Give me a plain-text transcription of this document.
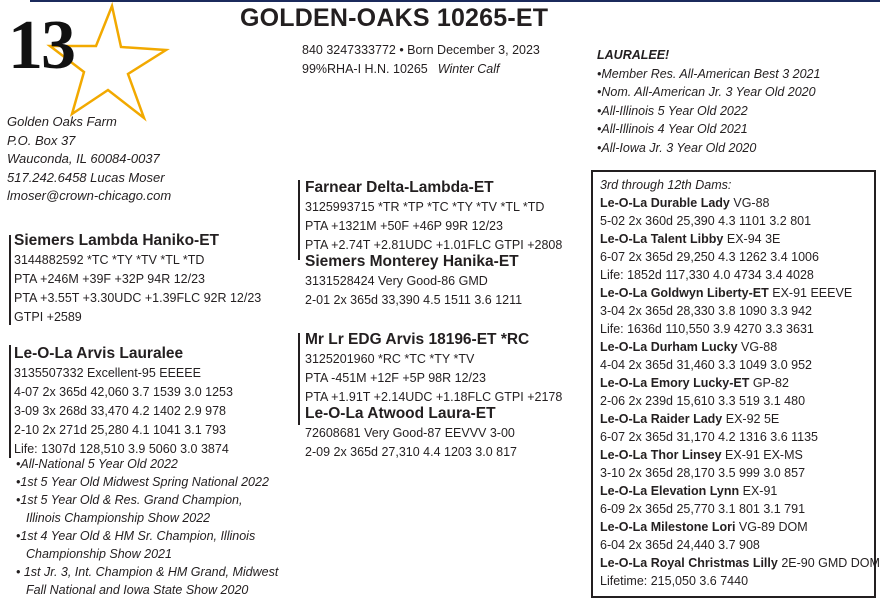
13
Golden Oaks Farm
P.O. Box 37
Wauconda, IL 60084-0037
517.242.6458 Lucas Moser
lmoser@crown-chicago.com
GOLDEN-OAKS 10265-ET
840 3247333772 • Born December 3, 2023
99%RHA-I H.N. 10265 Winter Calf
LAURALEE!
•Member Res. All-American Best 3 2021
•Nom. All-American Jr. 3 Year Old 2020
•All-Illinois 5 Year Old 2022
•All-Illinois 4 Year Old 2021
•All-Iowa Jr. 3 Year Old 2020
Siemers Lambda Haniko-ET
3144882592 *TC *TY *TV *TL *TD
PTA +246M +39F +32P 94R 12/23
PTA +3.55T +3.30UDC +1.39FLC 92R 12/23
GTPI +2589
Le-O-La Arvis Lauralee
3135507332 Excellent-95 EEEEE
4-07 2x 365d 42,060 3.7 1539 3.0 1253
3-09 3x 268d 33,470 4.2 1402 2.9 978
2-10 2x 271d 25,280 4.1 1041 3.1 793
Life: 1307d 128,510 3.9 5060 3.0 3874
•All-National 5 Year Old 2022
•1st 5 Year Old Midwest Spring National 2022
•1st 5 Year Old & Res. Grand Champion,
Illinois Championship Show 2022
•1st 4 Year Old & HM Sr. Champion, Illinois
Championship Show 2021
• 1st Jr. 3, Int. Champion & HM Grand, Midwest
Fall National and Iowa State Show 2020
Farnear Delta-Lambda-ET
3125993715 *TR *TP *TC *TY *TV *TL *TD
PTA +1321M +50F +46P 99R 12/23
PTA +2.74T +2.81UDC +1.01FLC GTPI +2808
Siemers Monterey Hanika-ET
3131528424 Very Good-86 GMD
2-01 2x 365d 33,390 4.5 1511 3.6 1211
Mr Lr EDG Arvis 18196-ET *RC
3125201960 *RC *TC *TY *TV
PTA -451M +12F +5P 98R 12/23
PTA +1.91T +2.14UDC +1.18FLC GTPI +2178
Le-O-La Atwood Laura-ET
72608681 Very Good-87 EEVVV 3-00
2-09 2x 365d 27,310 4.4 1203 3.0 817
3rd through 12th Dams:
Le-O-La Durable Lady VG-88
5-02 2x 360d 25,390 4.3 1101 3.2 801
Le-O-La Talent Libby EX-94 3E
6-07 2x 365d 29,250 4.3 1262 3.4 1006
Life: 1852d 117,330 4.0 4734 3.4 4028
Le-O-La Goldwyn Liberty-ET EX-91 EEEVE
3-04 2x 365d 28,330 3.8 1090 3.3 942
Life: 1636d 110,550 3.9 4270 3.3 3631
Le-O-La Durham Lucky VG-88
4-04 2x 365d 31,460 3.3 1049 3.0 952
Le-O-La Emory Lucky-ET GP-82
2-06 2x 239d 15,610 3.3 519 3.1 480
Le-O-La Raider Lady EX-92 5E
6-07 2x 365d 31,170 4.2 1316 3.6 1135
Le-O-La Thor Linsey EX-91 EX-MS
3-10 2x 365d 28,170 3.5 999 3.0 857
Le-O-La Elevation Lynn EX-91
6-09 2x 365d 25,770 3.1 801 3.1 791
Le-O-La Milestone Lori VG-89 DOM
6-04 2x 365d 24,440 3.7 908
Le-O-La Royal Christmas Lilly 2E-90 GMD DOM
Lifetime: 215,050 3.6 7440
